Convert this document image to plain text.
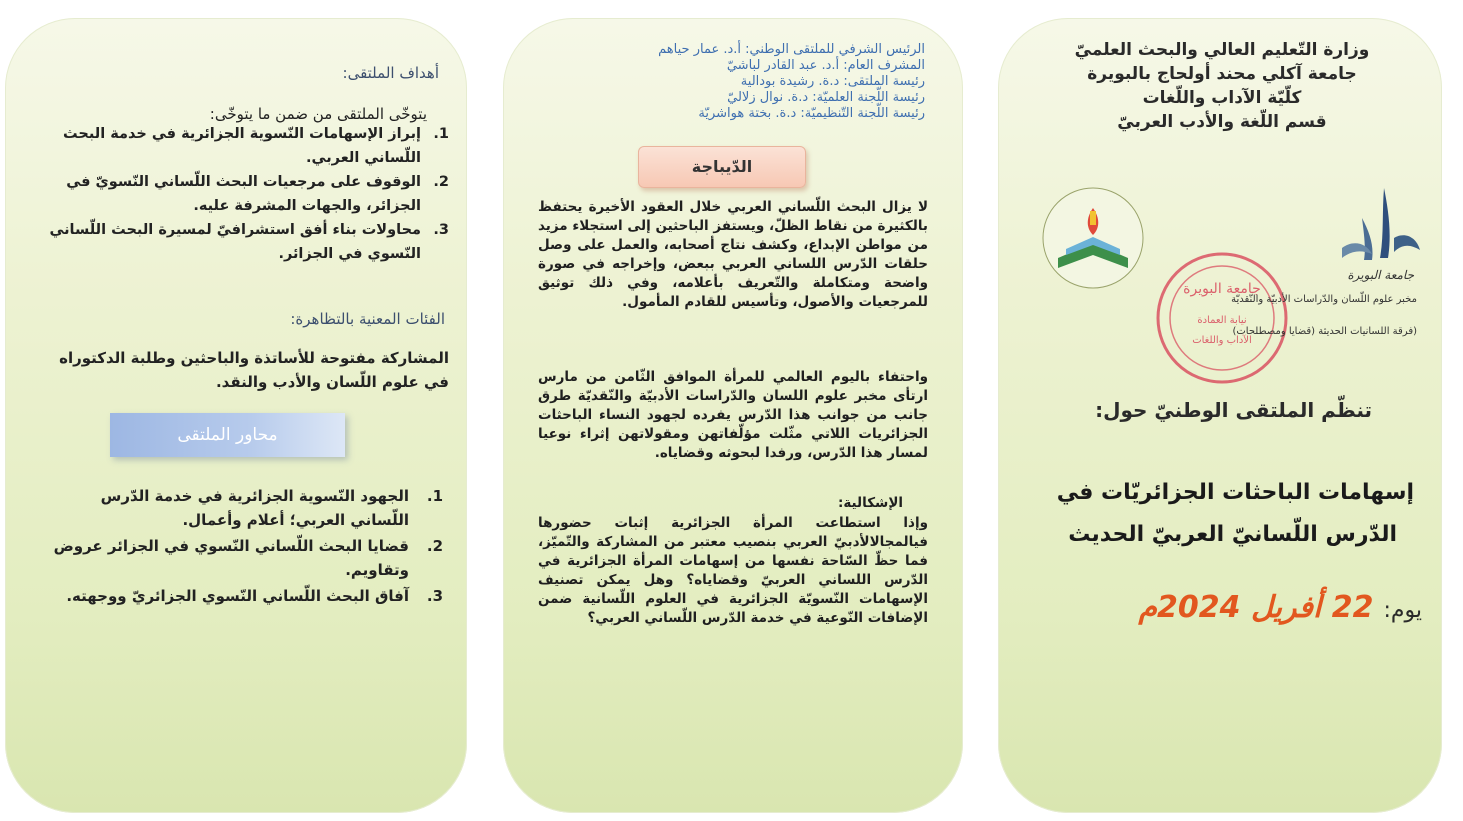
أهداف الملتقى:
يتوخّى الملتقى من ضمن ما يتوخّى:
1.
إبراز الإسهامات النّسوية الجزائرية في خدمة البحث اللّساني العربي.
2.
الوقوف على مرجعيات البحث اللّساني النّسويّ في الجزائر، والجهات المشرفة عليه.
3.
محاولات بناء أفق استشرافيّ لمسيرة البحث اللّساني النّسوي في الجزائر.
الفئات المعنية بالتظاهرة:
المشاركة مفتوحة للأساتذة والباحثين وطلبة الدكتوراه في علوم اللّسان والأدب والنقد.
محاور الملتقى
1.
الجهود النّسوية الجزائرية في خدمة الدّرس اللّساني العربي؛ أعلام وأعمال.
2.
قضايا البحث اللّساني النّسوي في الجزائر عروض وتقاويم.
3.
آفاق البحث اللّساني النّسوي الجزائريّ ووجهته.
الرئيس الشرفي للملتقى الوطني: أ.د. عمار حياهم
المشرف العام: أ.د. عبد القادر لباشيّ
رئيسة الملتقى: د.ة. رشيدة بودالية
رئيسة اللّجنة العلميّة: د.ة. نوال زلاليّ
رئيسة اللّجنة التّنظيميّة: د.ة. بختة هواشريّة
الدّيباجة
لا يزال البحث اللّساني العربي خلال العقود الأخيرة يحتفظ بالكثيرة من نقاط الظلّ، ويستفز الباحثين إلى استجلاء مزيد من مواطن الإبداع، وكشف نتاج أصحابه، والعمل على وصل حلقات الدّرس اللساني العربي ببعض، وإخراجه في صورة واضحة ومتكاملة والتّعريف بأعلامه، وفي ذلك توثيق للمرجعيات والأصول، وتأسيس للقادم المأمول.
واحتفاء باليوم العالمي للمرأة الموافق الثّامن من مارس ارتأى مخبر علوم اللسان والدّراسات الأدبيّة والنّقديّة طرق جانب من جوانب هذا الدّرس يفرده لجهود النساء الباحثات الجزائريات اللاتي مثّلت مؤلّفاتهن ومقولاتهن إثراء نوعيا لمسار هذا الدّرس، ورفدا لبحوثه وقضاياه.
الإشكالية:
وإذا استطاعت المرأة الجزائرية إثبات حضورها فيالمجالالأدبيّ العربي بنصيب معتبر من المشاركة والتّميّز، فما حظّ السّاحة نفسها من إسهامات المرأة الجزائرية في الدّرس اللساني العربيّ وقضاياه؟ وهل يمكن تصنيف الإسهامات النّسويّة الجزائرية في العلوم اللّسانية ضمن الإضافات النّوعية في خدمة الدّرس اللّساني العربي؟
وزارة التّعليم العالي والبحث العلميّ
جامعة آكلي محند أولحاج بالبويرة
كلّيّة الآداب واللّغات
قسم اللّغة والأدب العربيّ
جامعة البويرة
جامعة البويرة
نيابة العمادة
الآداب واللغات
مخبر علوم اللّسان والدّراسات الأدبيّة والنّقديّة
(فرقة اللسانيات الحديثة (قضايا ومصطلحات)
تنظّم الملتقى الوطنيّ حول:
إسهامات الباحثات الجزائريّات في
الدّرس اللّسانيّ العربيّ الحديث
يوم:
22 أفريل 2024م
